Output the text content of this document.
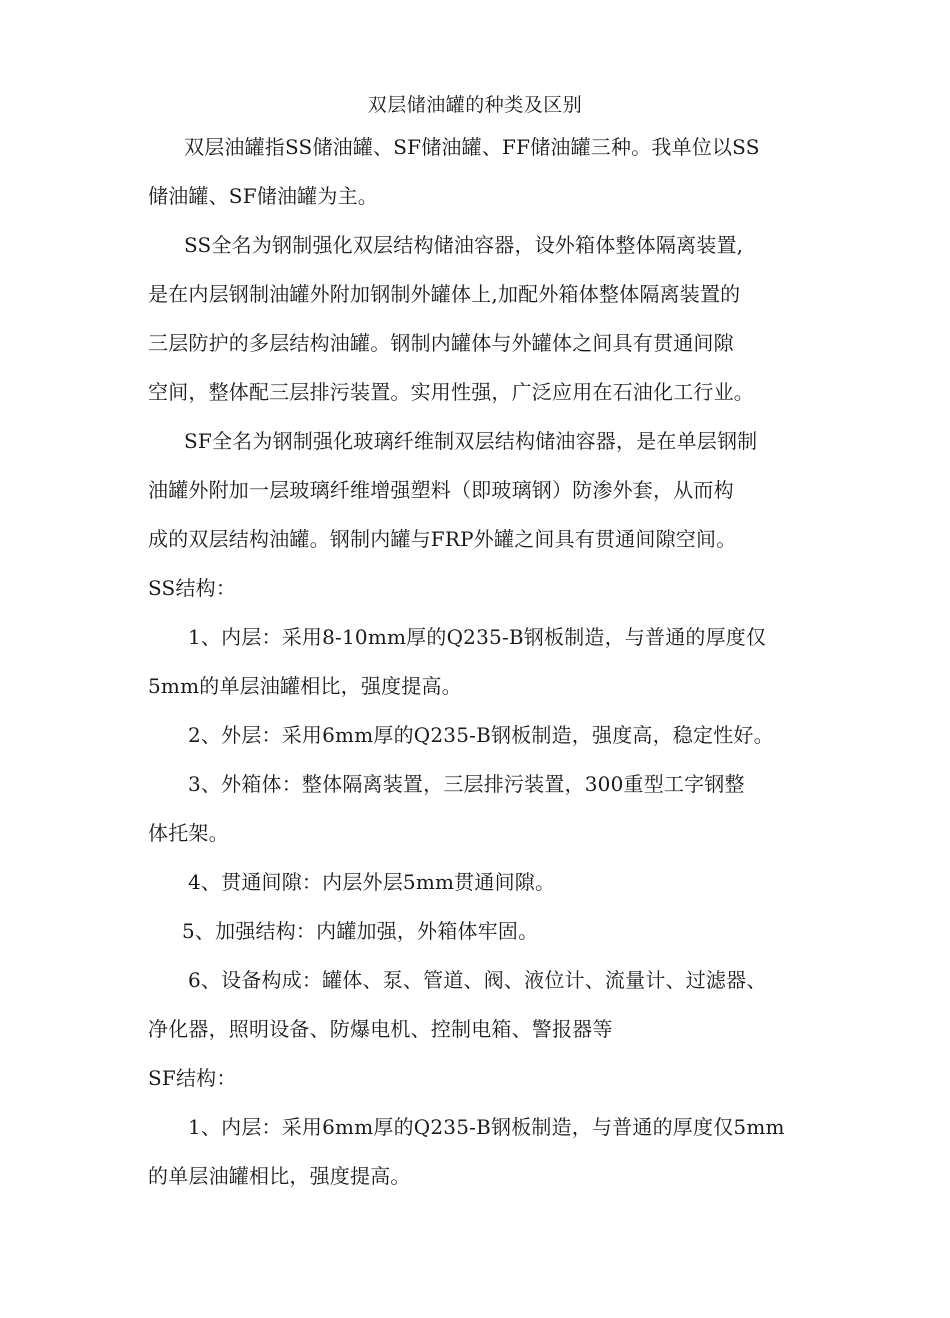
双层储油罐的种类及区别
双层油罐指SS储油罐、SF储油罐、FF储油罐三种。我单位以SS
储油罐、SF储油罐为主。
SS全名为钢制强化双层结构储油容器，设外箱体整体隔离装置,
是在内层钢制油罐外附加钢制外罐体上,加配外箱体整体隔离装置的
三层防护的多层结构油罐。钢制内罐体与外罐体之间具有贯通间隙
空间，整体配三层排污装置。实用性强，广泛应用在石油化工行业。
SF全名为钢制强化玻璃纤维制双层结构储油容器，是在单层钢制
油罐外附加一层玻璃纤维增强塑料（即玻璃钢）防渗外套，从而构
成的双层结构油罐。钢制内罐与FRP外罐之间具有贯通间隙空间。
SS结构：
1、内层：采用8-10mm厚的Q235-B钢板制造，与普通的厚度仅
5mm的单层油罐相比，强度提高。
2、外层：采用6mm厚的Q235-B钢板制造，强度高，稳定性好。
3、外箱体：整体隔离装置，三层排污装置，300重型工字钢整
体托架。
4、贯通间隙：内层外层5mm贯通间隙。
5、加强结构：内罐加强，外箱体牢固。
6、设备构成：罐体、泵、管道、阀、液位计、流量计、过滤器、
净化器，照明设备、防爆电机、控制电箱、警报器等
SF结构：
1、内层：采用6mm厚的Q235-B钢板制造，与普通的厚度仅5mm
的单层油罐相比，强度提高。
